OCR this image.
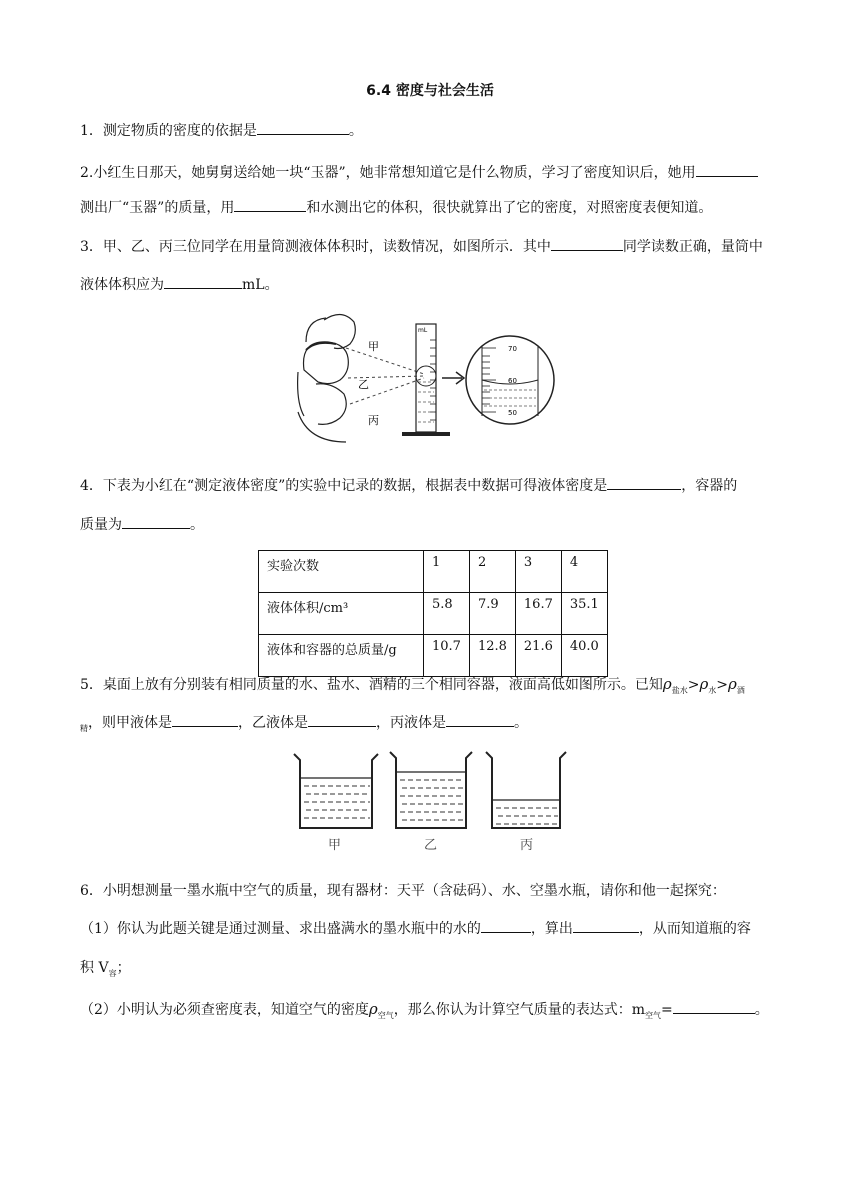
6.4 密度与社会生活
1．测定物质的密度的依据是	。
2.小红生日那天，她舅舅送给她一块“玉器”，她非常想知道它是什么物质，学习了密度知识后，她用
测出厂“玉器”的质量，用	和水测出它的体积，很快就算出了它的密度，对照密度表便知道。
3．甲、乙、丙三位同学在用量筒测液体体积时，读数情况，如图所示．其中	同学读数正确，量筒中
液体体积应为	mL。
甲
乙
丙
mL
70
60
50
4．下表为小红在“测定液体密度”的实验中记录的数据，根据表中数据可得液体密度是	，容器的
质量为	。
实验次数	1	2	3	4
液体体积/cm³	5.8	7.9	16.7	35.1
液体和容器的总质量/g	10.7	12.8	21.6	40.0
5．桌面上放有分别装有相同质量的水、盐水、酒精的三个相同容器，液面高低如图所示。已知$\rho_{盐水}>\rho_水>\rho_酒$
$_精$，则甲液体是	，乙液体是	，丙液体是	。
甲	乙	丙
6．小明想测量一墨水瓶中空气的质量，现有器材：天平（含砝码）、水、空墨水瓶，请你和他一起探究：
（1）你认为此题关键是通过测量、求出盛满水的墨水瓶中的水的	，算出	，从而知道瓶的容
积 $V_容$；
（2）小明认为必须查密度表，知道空气的密度$\rho_{空气}$，那么你认为计算空气质量的表达式：$m_{空气}=$	。
